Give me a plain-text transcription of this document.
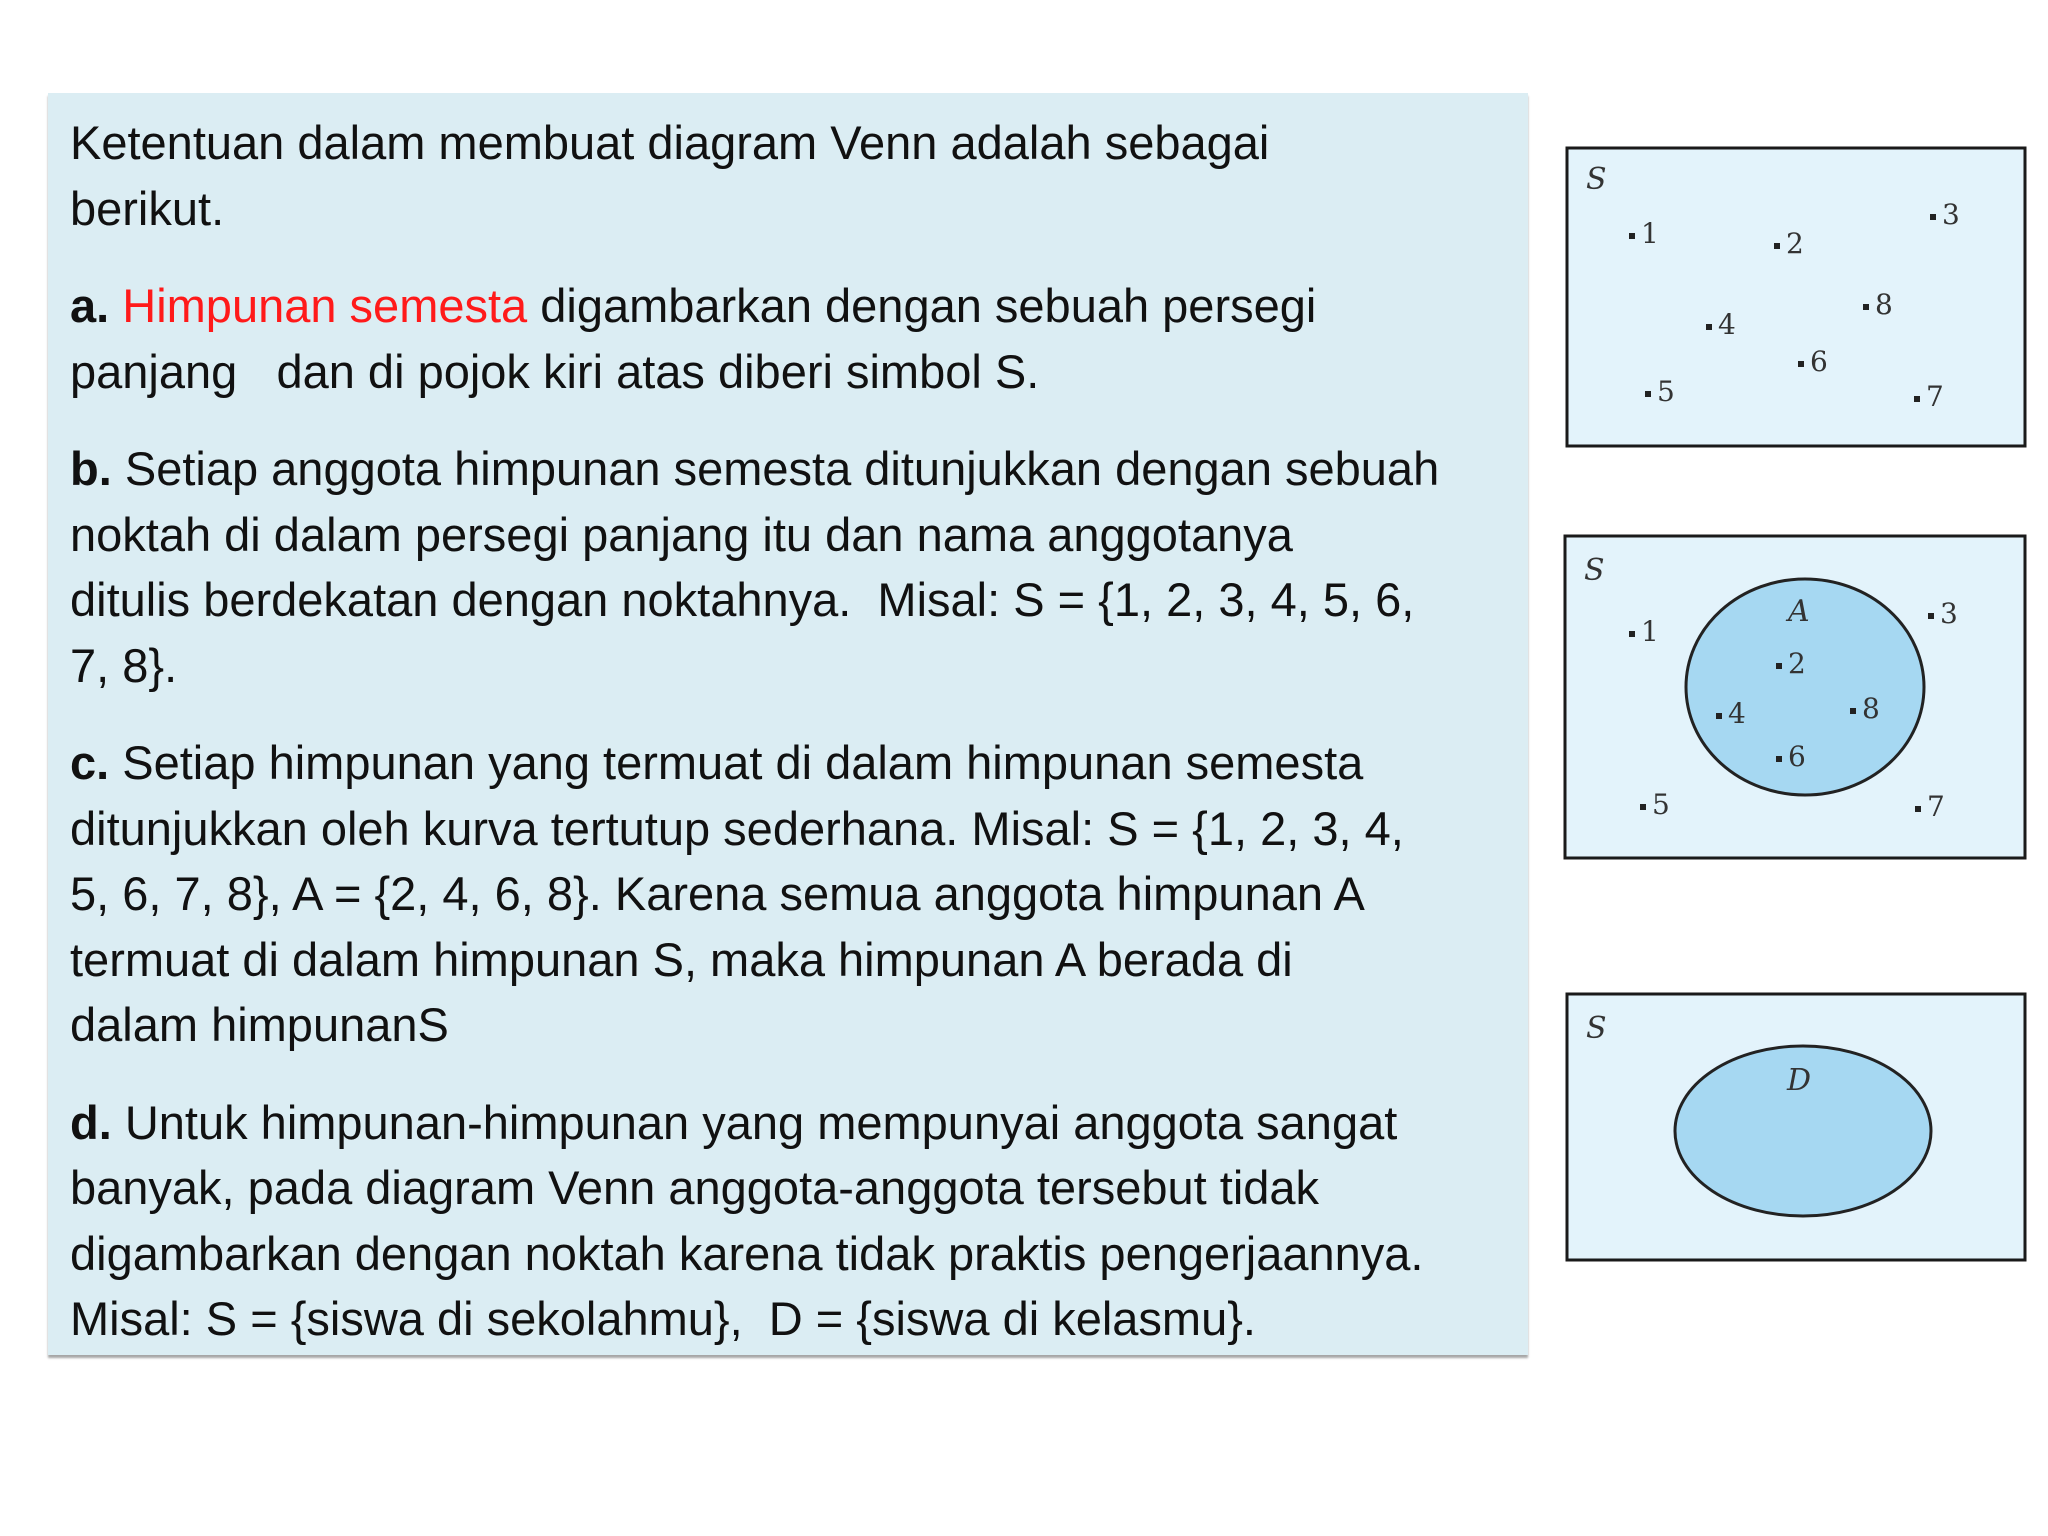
Ketentuan dalam membuat diagram Venn adalah sebagai
berikut.

a. Himpunan semesta digambarkan dengan sebuah persegi
panjang   dan di pojok kiri atas diberi simbol S.

b. Setiap anggota himpunan semesta ditunjukkan dengan sebuah
noktah di dalam persegi panjang itu dan nama anggotanya
ditulis berdekatan dengan noktahnya.  Misal: S = {1, 2, 3, 4, 5, 6,
7, 8}.

c. Setiap himpunan yang termuat di dalam himpunan semesta
ditunjukkan oleh kurva tertutup sederhana. Misal: S = {1, 2, 3, 4,
5, 6, 7, 8}, A = {2, 4, 6, 8}. Karena semua anggota himpunan A
termuat di dalam himpunan S, maka himpunan A berada di
dalam himpunanS

d. Untuk himpunan-himpunan yang mempunyai anggota sangat
banyak, pada diagram Venn anggota-anggota tersebut tidak
digambarkan dengan noktah karena tidak praktis pengerjaannya.
Misal: S = {siswa di sekolahmu},  D = {siswa di kelasmu}.

S
1	2
3
4
5
6
7
8
S
A
1
2
3
4
5
6
7
8
S
D
